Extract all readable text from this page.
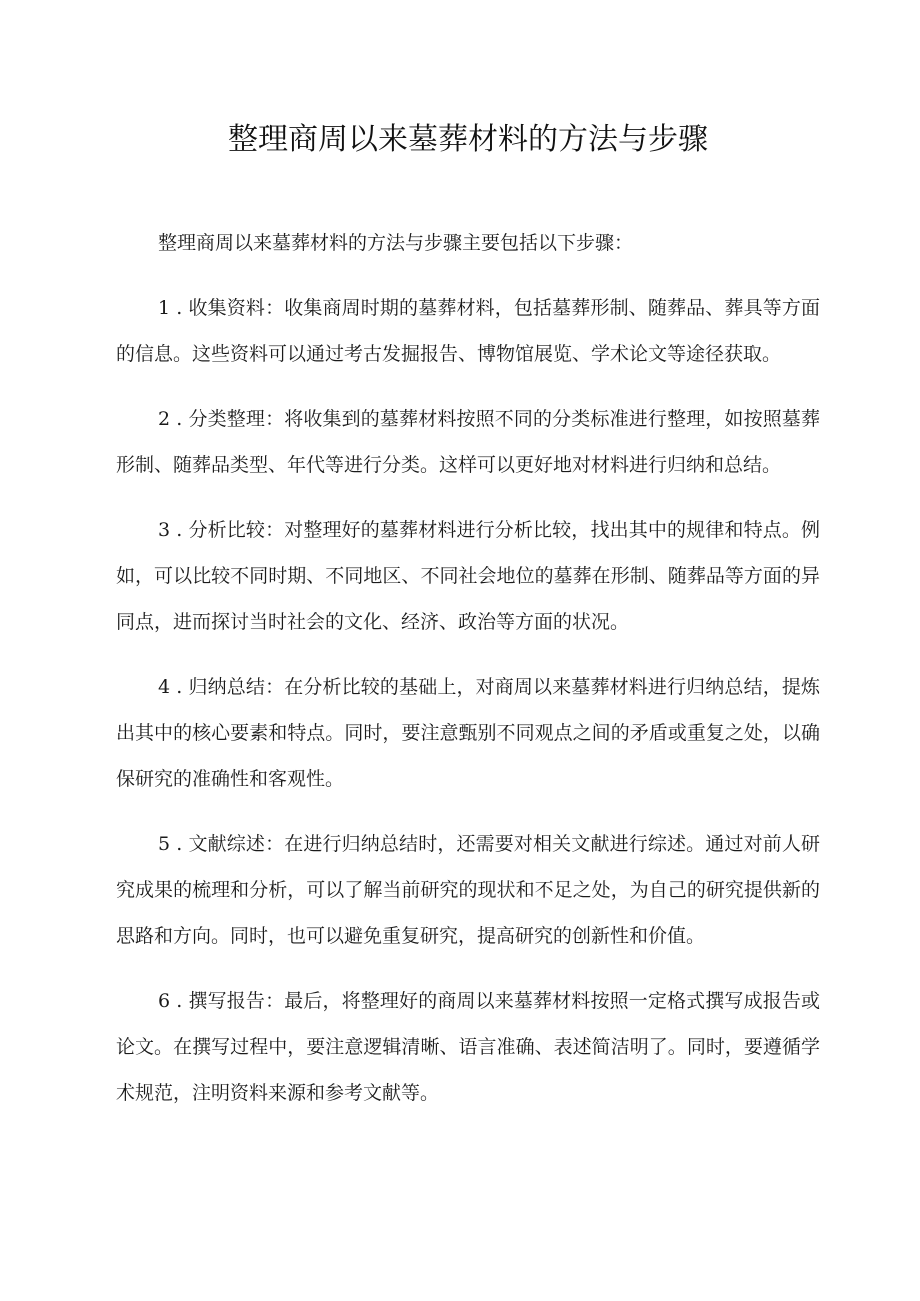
整理商周以来墓葬材料的方法与步骤

整理商周以来墓葬材料的方法与步骤主要包括以下步骤：

1 . 收集资料：收集商周时期的墓葬材料，包括墓葬形制、随葬品、葬具等方面的信息。这些资料可以通过考古发掘报告、博物馆展览、学术论文等途径获取。
2 . 分类整理：将收集到的墓葬材料按照不同的分类标准进行整理，如按照墓葬形制、随葬品类型、年代等进行分类。这样可以更好地对材料进行归纳和总结。
3 . 分析比较：对整理好的墓葬材料进行分析比较，找出其中的规律和特点。例如，可以比较不同时期、不同地区、不同社会地位的墓葬在形制、随葬品等方面的异同点，进而探讨当时社会的文化、经济、政治等方面的状况。
4 . 归纳总结：在分析比较的基础上，对商周以来墓葬材料进行归纳总结，提炼出其中的核心要素和特点。同时，要注意甄别不同观点之间的矛盾或重复之处，以确保研究的准确性和客观性。
5 . 文献综述：在进行归纳总结时，还需要对相关文献进行综述。通过对前人研究成果的梳理和分析，可以了解当前研究的现状和不足之处，为自己的研究提供新的思路和方向。同时，也可以避免重复研究，提高研究的创新性和价值。
6 . 撰写报告：最后，将整理好的商周以来墓葬材料按照一定格式撰写成报告或论文。在撰写过程中，要注意逻辑清晰、语言准确、表述简洁明了。同时，要遵循学术规范，注明资料来源和参考文献等。
